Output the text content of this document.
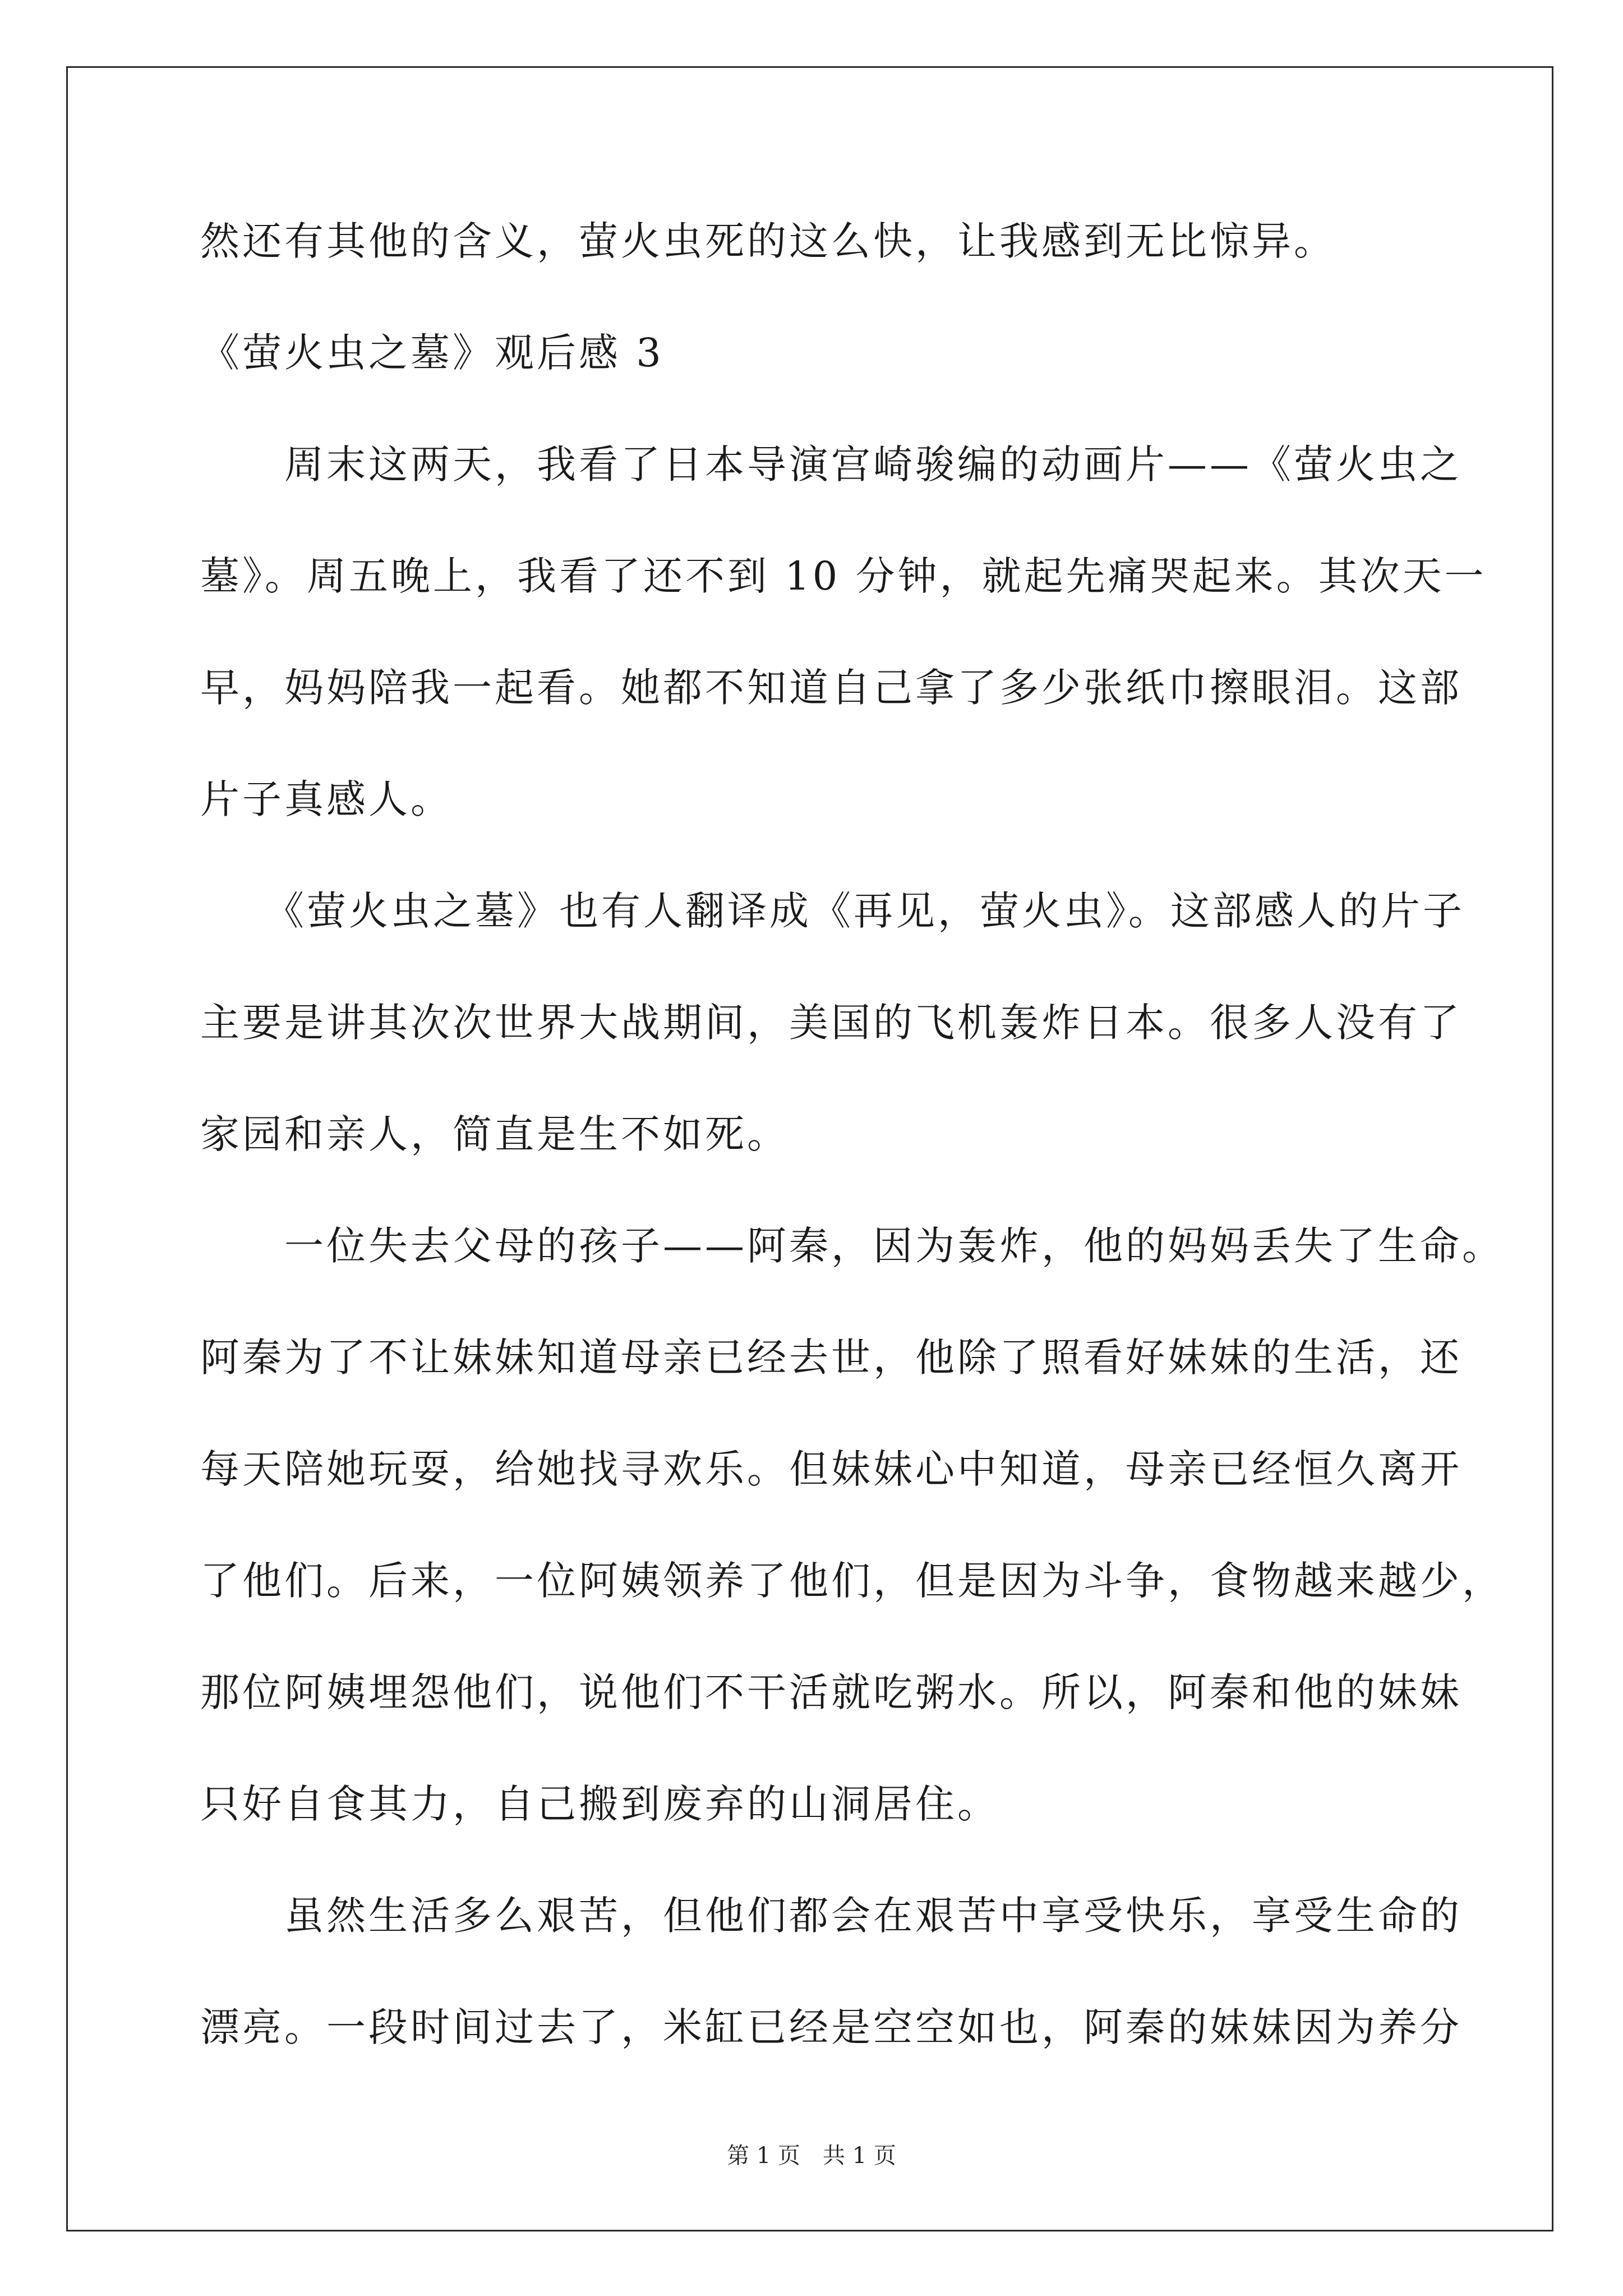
然还有其他的含义，萤火虫死的这么快，让我感到无比惊异。
《萤火虫之墓》观后感 3
　　周末这两天，我看了日本导演宫崎骏编的动画片——《萤火虫之
墓》。周五晚上，我看了还不到 10 分钟，就起先痛哭起来。其次天一
早，妈妈陪我一起看。她都不知道自己拿了多少张纸巾擦眼泪。这部
片子真感人。
　　《萤火虫之墓》也有人翻译成《再见，萤火虫》。这部感人的片子
主要是讲其次次世界大战期间，美国的飞机轰炸日本。很多人没有了
家园和亲人，简直是生不如死。
　　一位失去父母的孩子——阿秦，因为轰炸，他的妈妈丢失了生命。
阿秦为了不让妹妹知道母亲已经去世，他除了照看好妹妹的生活，还
每天陪她玩耍，给她找寻欢乐。但妹妹心中知道，母亲已经恒久离开
了他们。后来，一位阿姨领养了他们，但是因为斗争，食物越来越少，
那位阿姨埋怨他们，说他们不干活就吃粥水。所以，阿秦和他的妹妹
只好自食其力，自己搬到废弃的山洞居住。
　　虽然生活多么艰苦，但他们都会在艰苦中享受快乐，享受生命的
漂亮。一段时间过去了，米缸已经是空空如也，阿秦的妹妹因为养分
第 1 页　共 1 页
